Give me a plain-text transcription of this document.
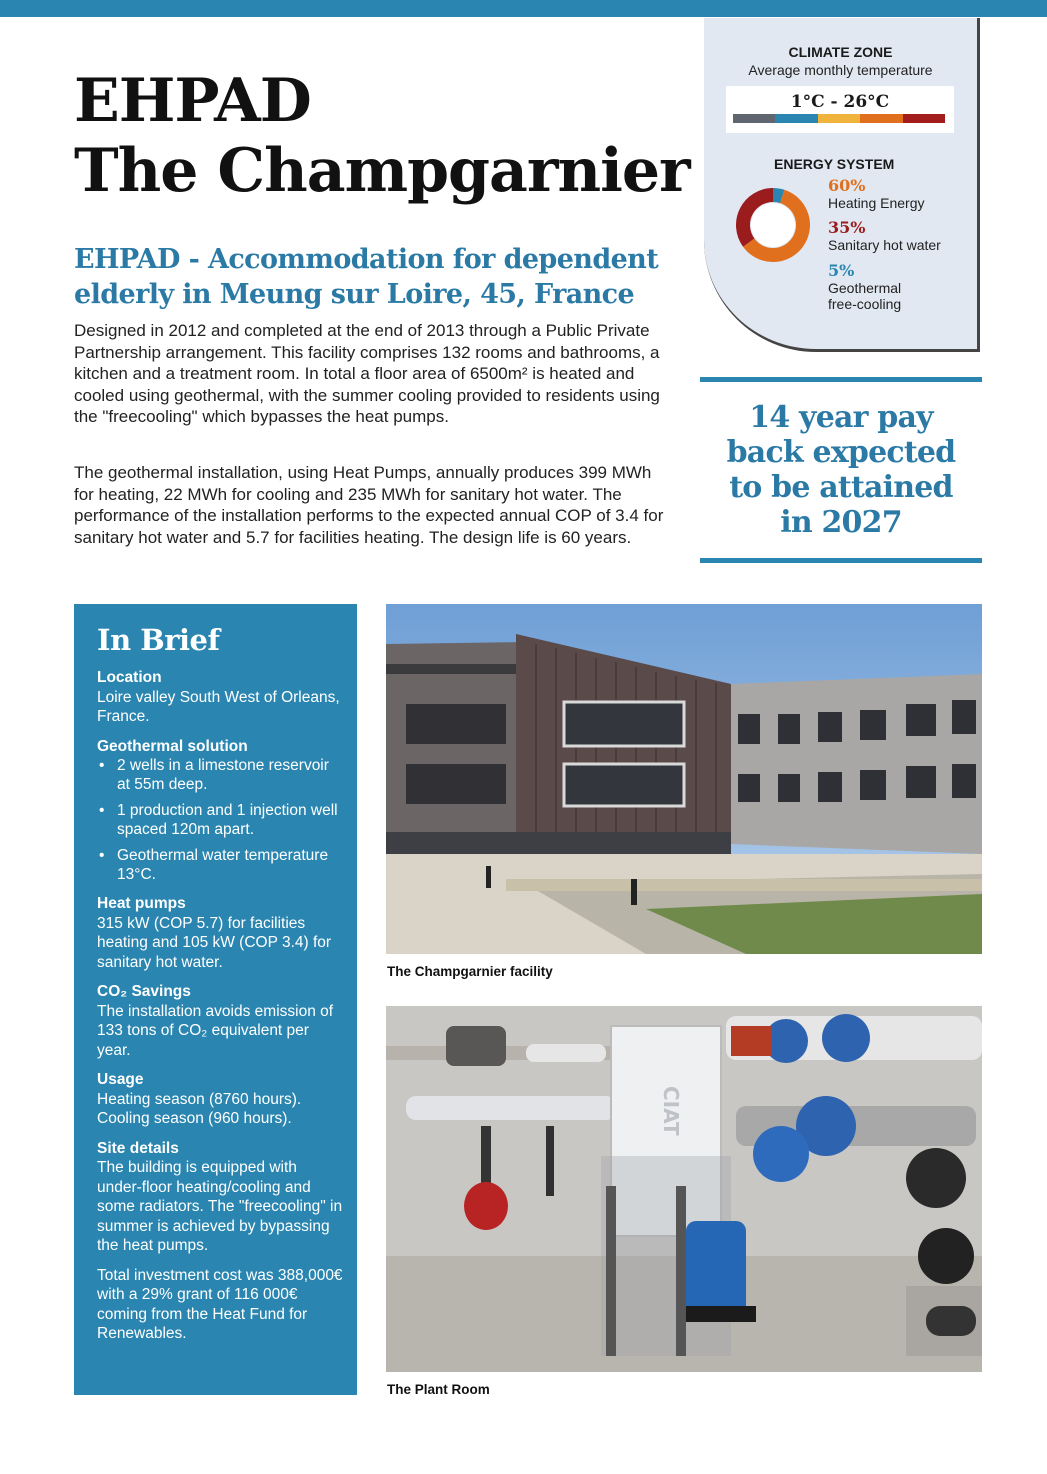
EHPAD
The Champgarnier
EHPAD - Accommodation for dependent
elderly in Meung sur Loire, 45, France

Designed in 2012 and completed at the end of 2013 through a Public Private Partnership arrangement. This facility comprises 132 rooms and bathrooms, a kitchen and a treatment room. In total a floor area of 6500m² is heated and cooled using geothermal, with the summer cooling provided to residents using the "freecooling" which bypasses the heat pumps.

The geothermal installation, using Heat Pumps, annually produces 399 MWh for heating, 22 MWh for cooling and 235 MWh for sanitary hot water. The performance of the installation performs to the expected annual COP of 3.4 for sanitary hot water and 5.7 for facilities heating. The design life is 60 years.

CLIMATE ZONE
Average monthly temperature
1°C - 26°C
ENERGY SYSTEM
60%
Heating Energy
35%
Sanitary hot water
5%
Geothermal
free-cooling

14 year pay
back expected
to be attained
in 2027

In Brief

Location

Loire valley South West of Orleans, France.

Geothermal solution

• 2 wells in a limestone reservoir at 55m deep.
• 1 production and 1 injection well spaced 120m apart.
• Geothermal water temperature 13°C.

Heat pumps

315 kW (COP 5.7) for facilities heating and 105 kW (COP 3.4) for sanitary hot water.

CO₂ Savings

The installation avoids emission of 133 tons of CO₂ equivalent per year.

Usage

Heating season (8760 hours).
Cooling season (960 hours).

Site details

The building is equipped with under-floor heating/cooling and some radiators. The "freecooling" in summer is achieved by bypassing the heat pumps.

Total investment cost was 388,000€ with a 29% grant of 116 000€ coming from the Heat Fund for Renewables.

The Champgarnier facility
CIAT
The Plant Room
